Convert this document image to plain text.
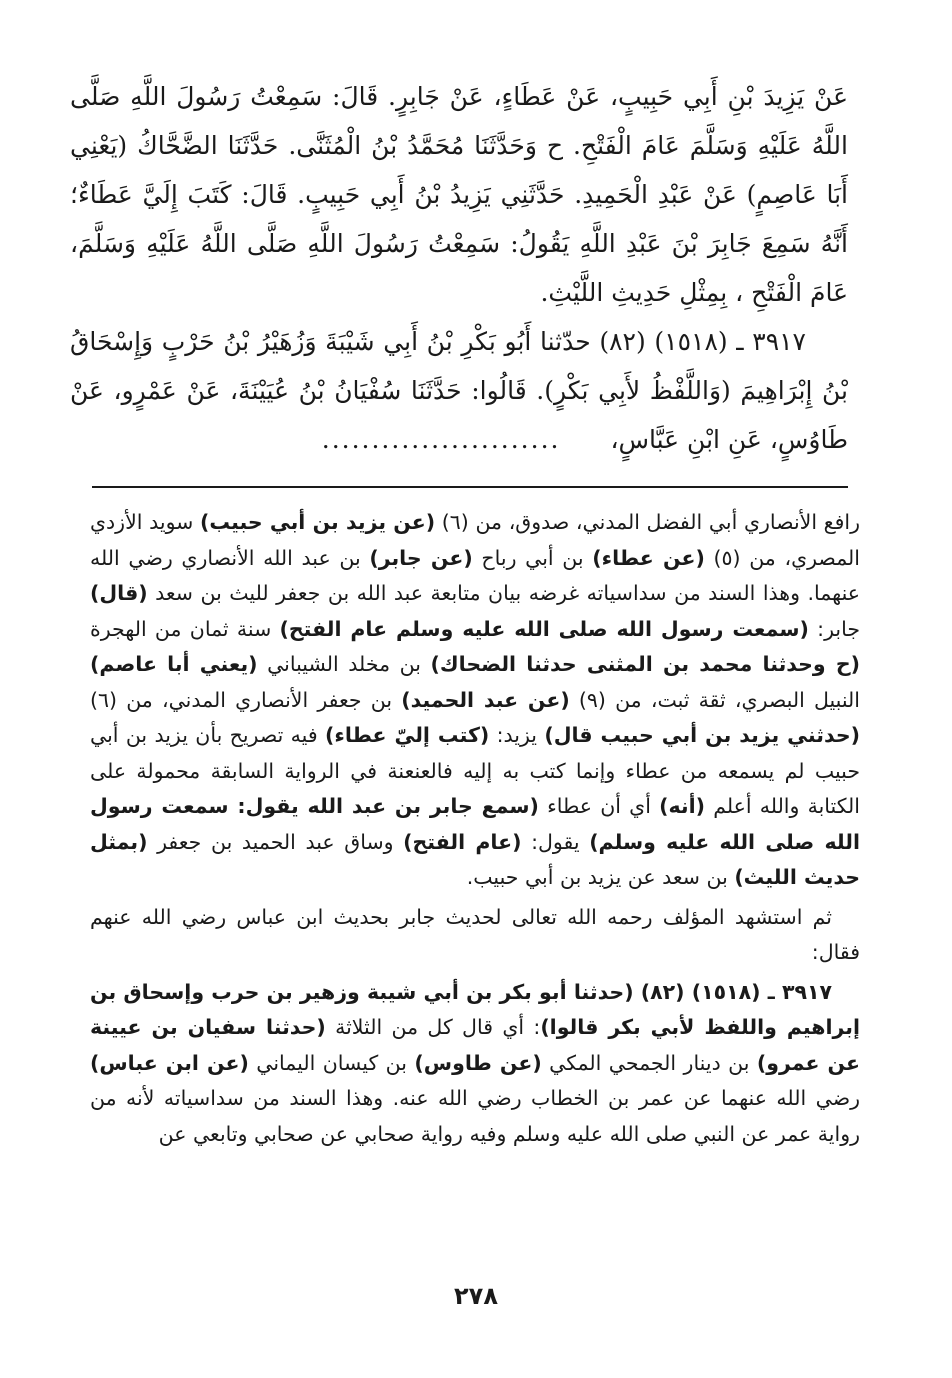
عَنْ يَزِيدَ بْنِ أَبِي حَبِيبٍ، عَنْ عَطَاءٍ، عَنْ جَابِرٍ. قَالَ: سَمِعْتُ رَسُولَ اللَّهِ صَلَّى اللَّهُ عَلَيْهِ وَسَلَّمَ عَامَ الْفَتْحِ. ح وَحَدَّثَنَا مُحَمَّدُ بْنُ الْمُثَنَّى. حَدَّثَنَا الضَّحَّاكُ (يَعْنِي أَبَا عَاصِمٍ) عَنْ عَبْدِ الْحَمِيدِ. حَدَّثَنِي يَزِيدُ بْنُ أَبِي حَبِيبٍ. قَالَ: كَتَبَ إِلَيَّ عَطَاءٌ؛ أَنَّهُ سَمِعَ جَابِرَ بْنَ عَبْدِ اللَّهِ يَقُولُ: سَمِعْتُ رَسُولَ اللَّهِ صَلَّى اللَّهُ عَلَيْهِ وَسَلَّمَ، عَامَ الْفَتْحِ ، بِمِثْلِ حَدِيثِ اللَّيْثِ.

٣٩١٧ ـ (١٥١٨) (٨٢) حدّثنا أَبُو بَكْرِ بْنُ أَبِي شَيْبَةَ وَزُهَيْرُ بْنُ حَرْبٍ وَإِسْحَاقُ بْنُ إِبْرَاهِيمَ (وَاللَّفْظُ لأَبِي بَكْرٍ). قَالُوا: حَدَّثَنَا سُفْيَانُ بْنُ عُيَيْنَةَ، عَنْ عَمْرٍو، عَنْ طَاوُسٍ، عَنِ ابْنِ عَبَّاسٍ، ........................

رافع الأنصاري أبي الفضل المدني، صدوق، من (٦) (عن يزيد بن أبي حبيب) سويد الأزدي المصري، من (٥) (عن عطاء) بن أبي رباح (عن جابر) بن عبد الله الأنصاري رضي الله عنهما. وهذا السند من سداسياته غرضه بيان متابعة عبد الله بن جعفر لليث بن سعد (قال) جابر: (سمعت رسول الله صلى الله عليه وسلم عام الفتح) سنة ثمان من الهجرة (ح وحدثنا محمد بن المثنى حدثنا الضحاك) بن مخلد الشيباني (يعني أبا عاصم) النبيل البصري، ثقة ثبت، من (٩) (عن عبد الحميد) بن جعفر الأنصاري المدني، من (٦) (حدثني يزيد بن أبي حبيب قال) يزيد: (كتب إليّ عطاء) فيه تصريح بأن يزيد بن أبي حبيب لم يسمعه من عطاء وإنما كتب به إليه فالعنعنة في الرواية السابقة محمولة على الكتابة والله أعلم (أنه) أي أن عطاء (سمع جابر بن عبد الله يقول: سمعت رسول الله صلى الله عليه وسلم) يقول: (عام الفتح) وساق عبد الحميد بن جعفر (بمثل حديث الليث) بن سعد عن يزيد بن أبي حبيب.

ثم استشهد المؤلف رحمه الله تعالى لحديث جابر بحديث ابن عباس رضي الله عنهم فقال:

٣٩١٧ ـ (١٥١٨) (٨٢) (حدثنا أبو بكر بن أبي شيبة وزهير بن حرب وإسحاق بن إبراهيم واللفظ لأبي بكر قالوا): أي قال كل من الثلاثة (حدثنا سفيان بن عيينة عن عمرو) بن دينار الجمحي المكي (عن طاوس) بن كيسان اليماني (عن ابن عباس) رضي الله عنهما عن عمر بن الخطاب رضي الله عنه. وهذا السند من سداسياته لأنه من رواية عمر عن النبي صلى الله عليه وسلم وفيه رواية صحابي عن صحابي وتابعي عن

٢٧٨
